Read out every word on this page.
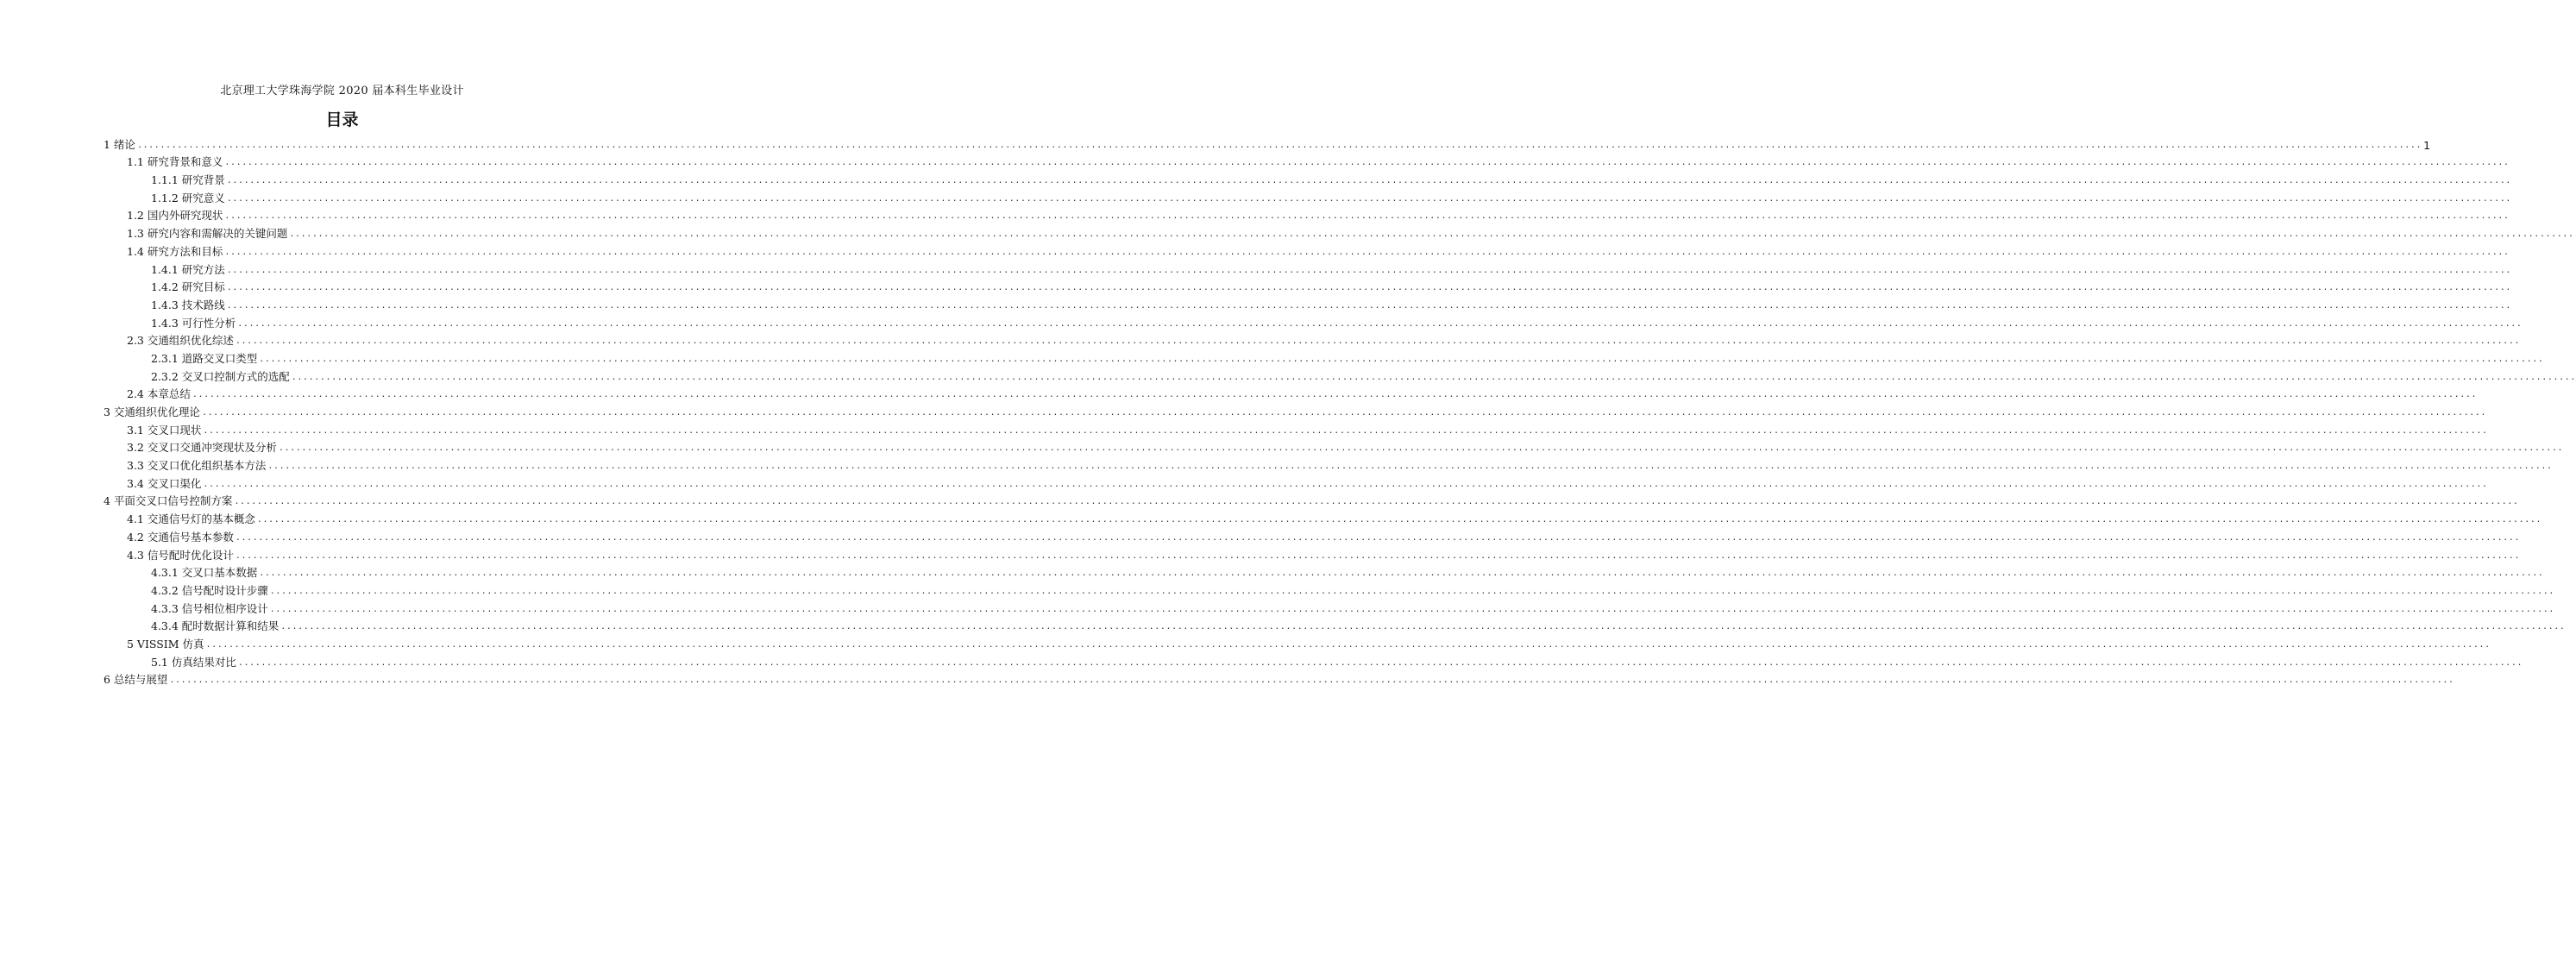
北京理工大学珠海学院 2020 届本科生毕业设计
目录
1 绪论 ................................................................................................................................................................................................................................................................................................................................................................................................................ 1
1.1 研究背景和意义 ................................................................................................................................................................................................................................................................................................................................................................................................................
1.1.1 研究背景 ................................................................................................................................................................................................................................................................................................................................................................................................................
1.1.2 研究意义 ................................................................................................................................................................................................................................................................................................................................................................................................................
1.2 国内外研究现状 ................................................................................................................................................................................................................................................................................................................................................................................................................
1.3 研究内容和需解决的关键问题 ................................................................................................................................................................................................................................................................................................................................................................................................................
1.4 研究方法和目标 ................................................................................................................................................................................................................................................................................................................................................................................................................
1.4.1 研究方法 ................................................................................................................................................................................................................................................................................................................................................................................................................
1.4.2 研究目标 ................................................................................................................................................................................................................................................................................................................................................................................................................
1.4.3 技术路线 ................................................................................................................................................................................................................................................................................................................................................................................................................
1.4.3 可行性分析 ................................................................................................................................................................................................................................................................................................................................................................................................................
2.3 交通组织优化综述 ................................................................................................................................................................................................................................................................................................................................................................................................................
2.3.1 道路交叉口类型 ................................................................................................................................................................................................................................................................................................................................................................................................................
2.3.2 交叉口控制方式的选配 ................................................................................................................................................................................................................................................................................................................................................................................................................
2.4 本章总结 ................................................................................................................................................................................................................................................................................................................................................................................................................
3 交通组织优化理论 ................................................................................................................................................................................................................................................................................................................................................................................................................
3.1 交叉口现状 ................................................................................................................................................................................................................................................................................................................................................................................................................
3.2 交叉口交通冲突现状及分析 ................................................................................................................................................................................................................................................................................................................................................................................................................
3.3 交叉口优化组织基本方法 ................................................................................................................................................................................................................................................................................................................................................................................................................
3.4 交叉口渠化 ................................................................................................................................................................................................................................................................................................................................................................................................................
4 平面交叉口信号控制方案 ................................................................................................................................................................................................................................................................................................................................................................................................................
4.1 交通信号灯的基本概念 ................................................................................................................................................................................................................................................................................................................................................................................................................
4.2 交通信号基本参数 ................................................................................................................................................................................................................................................................................................................................................................................................................
4.3 信号配时优化设计 ................................................................................................................................................................................................................................................................................................................................................................................................................
4.3.1 交叉口基本数据 ................................................................................................................................................................................................................................................................................................................................................................................................................
4.3.2 信号配时设计步骤 ................................................................................................................................................................................................................................................................................................................................................................................................................
4.3.3 信号相位相序设计 ................................................................................................................................................................................................................................................................................................................................................................................................................
4.3.4 配时数据计算和结果 ................................................................................................................................................................................................................................................................................................................................................................................................................
5 VISSIM 仿真 ................................................................................................................................................................................................................................................................................................................................................................................................................
5.1 仿真结果对比 ................................................................................................................................................................................................................................................................................................................................................................................................................
6 总结与展望 ................................................................................................................................................................................................................................................................................................................................................................................................................
